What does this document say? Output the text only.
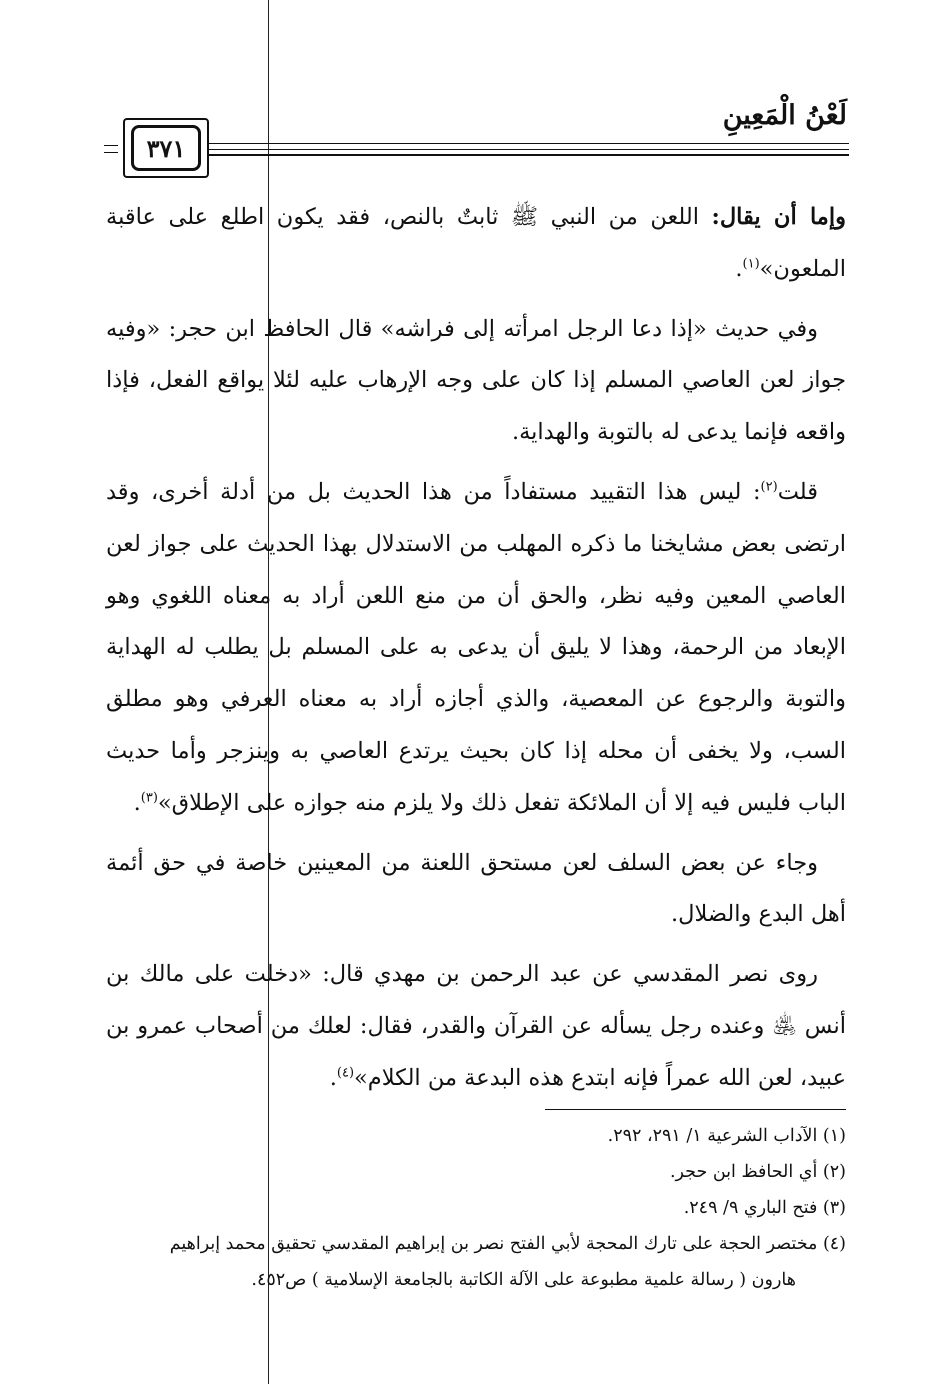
لَعْنُ الْمَعِينِ
٣٧١

وإما أن يقال: اللعن من النبي ﷺ ثابتٌ بالنص، فقد يكون اطلع على عاقبة الملعون»$^{(١)}$.

وفي حديث «إذا دعا الرجل امرأته إلى فراشه» قال الحافظ ابن حجر: «وفيه جواز لعن العاصي المسلم إذا كان على وجه الإرهاب عليه لئلا يواقع الفعل، فإذا واقعه فإنما يدعى له بالتوبة والهداية.

قلت$^{(٢)}$: ليس هذا التقييد مستفاداً من هذا الحديث بل من أدلة أخرى، وقد ارتضى بعض مشايخنا ما ذكره المهلب من الاستدلال بهذا الحديث على جواز لعن العاصي المعين وفيه نظر، والحق أن من منع اللعن أراد به معناه اللغوي وهو الإبعاد من الرحمة، وهذا لا يليق أن يدعى به على المسلم بل يطلب له الهداية والتوبة والرجوع عن المعصية، والذي أجازه أراد به معناه العرفي وهو مطلق السب، ولا يخفى أن محله إذا كان بحيث يرتدع العاصي به وينزجر وأما حديث الباب فليس فيه إلا أن الملائكة تفعل ذلك ولا يلزم منه جوازه على الإطلاق»$^{(٣)}$.

وجاء عن بعض السلف لعن مستحق اللعنة من المعينين خاصة في حق أئمة أهل البدع والضلال.

روى نصر المقدسي عن عبد الرحمن بن مهدي قال: «دخلت على مالك بن أنس ﵁ وعنده رجل يسأله عن القرآن والقدر، فقال: لعلك من أصحاب عمرو بن عبيد، لعن الله عمراً فإنه ابتدع هذه البدعة من الكلام»$^{(٤)}$.

(١) الآداب الشرعية ١/ ٢٩١، ٢٩٢.

(٢) أي الحافظ ابن حجر.

(٣) فتح الباري ٩/ ٢٤٩.

(٤) مختصر الحجة على تارك المحجة لأبي الفتح نصر بن إبراهيم المقدسي تحقيق محمد إبراهيم

هارون ( رسالة علمية مطبوعة على الآلة الكاتبة بالجامعة الإسلامية ) ص٤٥٢.
